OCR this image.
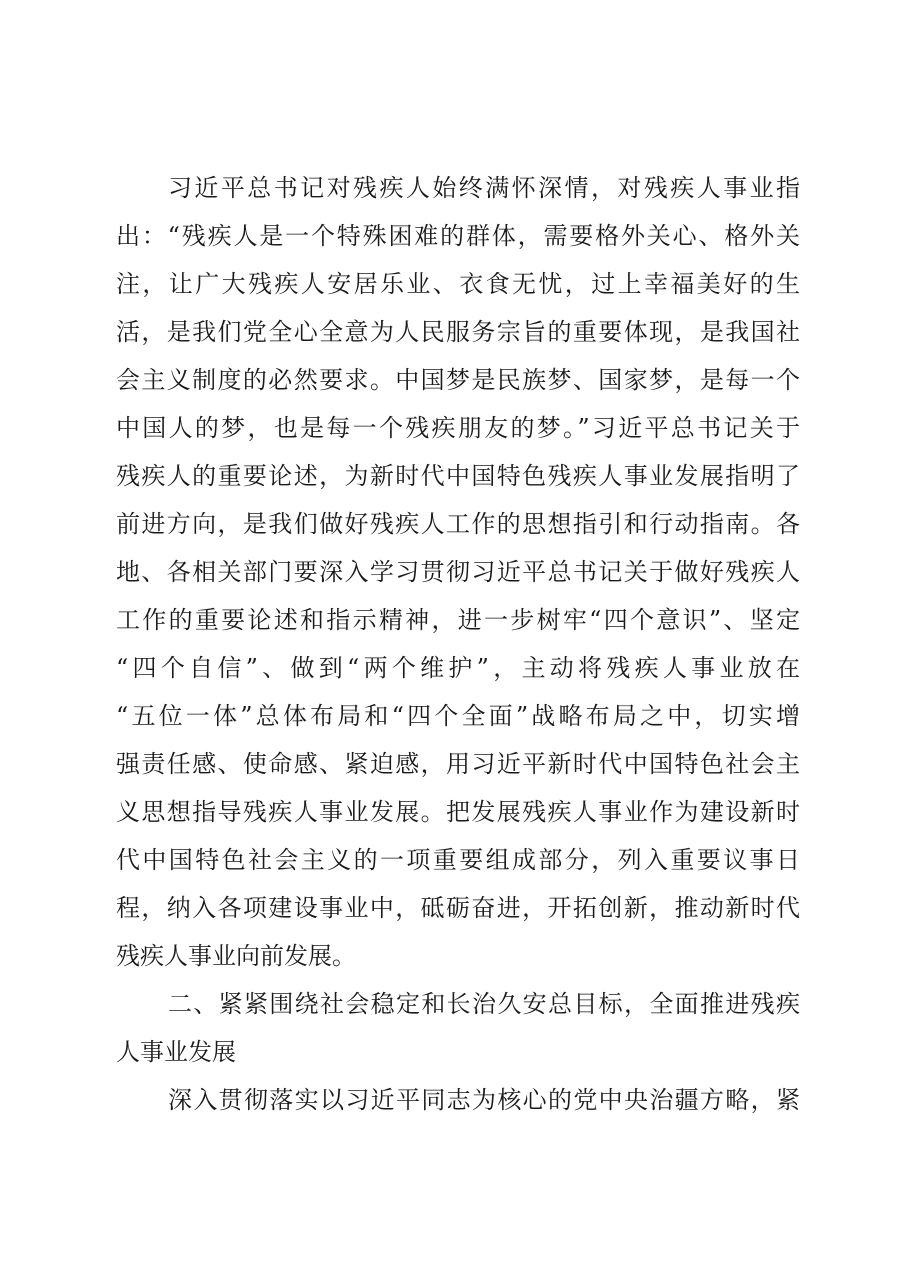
习近平总书记对残疾人始终满怀深情，对残疾人事业指
出：“残疾人是一个特殊困难的群体，需要格外关心、格外关
注，让广大残疾人安居乐业、衣食无忧，过上幸福美好的生
活，是我们党全心全意为人民服务宗旨的重要体现，是我国社
会主义制度的必然要求。中国梦是民族梦、国家梦，是每一个
中国人的梦，也是每一个残疾朋友的梦。”习近平总书记关于
残疾人的重要论述，为新时代中国特色残疾人事业发展指明了
前进方向，是我们做好残疾人工作的思想指引和行动指南。各
地、各相关部门要深入学习贯彻习近平总书记关于做好残疾人
工作的重要论述和指示精神，进一步树牢“四个意识”、坚定
“四个自信”、做到“两个维护”，主动将残疾人事业放在
“五位一体”总体布局和“四个全面”战略布局之中，切实增
强责任感、使命感、紧迫感，用习近平新时代中国特色社会主
义思想指导残疾人事业发展。把发展残疾人事业作为建设新时
代中国特色社会主义的一项重要组成部分，列入重要议事日
程，纳入各项建设事业中，砥砺奋进，开拓创新，推动新时代
残疾人事业向前发展。
二、紧紧围绕社会稳定和长治久安总目标，全面推进残疾
人事业发展
深入贯彻落实以习近平同志为核心的党中央治疆方略，紧
